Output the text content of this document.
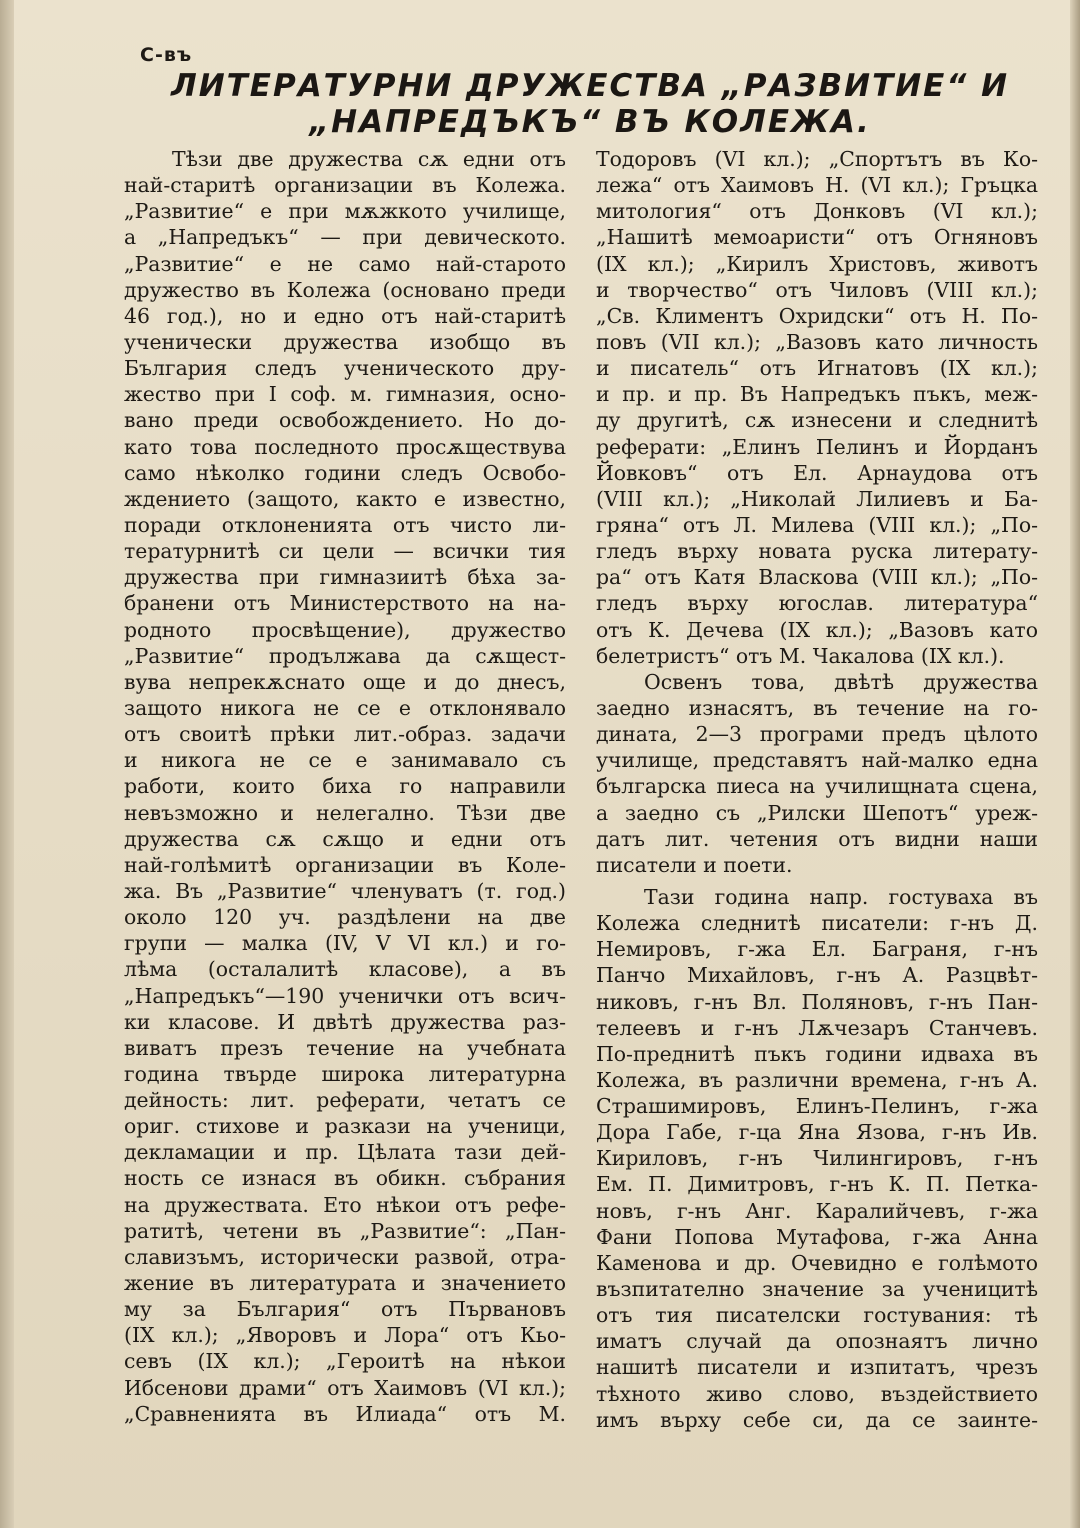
С-въ
ЛИТЕРАТУРНИ ДРУЖЕСТВА „РАЗВИТИЕ“ И
„НАПРЕДЪКЪ“ ВЪ КОЛЕЖА.
Тѣзи две дружества сѫ едни отъ
най-старитѣ организации въ Колежа.
„Развитие“ е при мѫжкото училище,
а „Напредъкъ“ — при девическото.
„Развитие“ е не само най-старото
дружество въ Колежа (основано преди
46 год.), но и едно отъ най-старитѣ
ученически дружества изобщо въ
България следъ ученическото дру-
жество при I соф. м. гимназия, осно-
вано преди освобождението. Но до-
като това последното просѫществува
само нѣколко години следъ Освобо-
ждението (защото, както е известно,
поради отклоненията отъ чисто ли-
тературнитѣ си цели — всички тия
дружества при гимназиитѣ бѣха за-
бранени отъ Министерството на на-
родното просвѣщение), дружество
„Развитие“ продължава да сѫщест-
вува непрекѫснато още и до днесъ,
защото никога не се е отклонявало
отъ своитѣ прѣки лит.-образ. задачи
и никога не се е занимавало съ
работи, които биха го направили
невъзможно и нелегално. Тѣзи две
дружества сѫ сѫщо и едни отъ
най-голѣмитѣ организации въ Коле-
жа. Въ „Развитие“ членуватъ (т. год.)
около 120 уч. раздѣлени на две
групи — малка (IV, V VI кл.) и го-
лѣма (осталалитѣ класове), а въ
„Напредъкъ“—190 ученички отъ всич-
ки класове. И двѣтѣ дружества раз-
виватъ презъ течение на учебната
година твърде широка литературна
дейность: лит. реферати, четатъ се
ориг. стихове и разкази на ученици,
декламации и пр. Цѣлата тази дей-
ность се изнася въ обикн. събрания
на дружествата. Ето нѣкои отъ рефе-
ратитѣ, четени въ „Развитие“: „Пан-
славизъмъ, исторически развой, отра-
жение въ литературата и значението
му за България“ отъ Първановъ
(IX кл.); „Яворовъ и Лора“ отъ Кьо-
севъ (IX кл.); „Героитѣ на нѣкои
Ибсенови драми“ отъ Хаимовъ (VI кл.);
„Сравненията въ Илиада“ отъ М.
Тодоровъ (VI кл.); „Спортътъ въ Ко-
лежа“ отъ Хаимовъ Н. (VI кл.); Гръцка
митология“ отъ Донковъ (VI кл.);
„Нашитѣ мемоаристи“ отъ Огняновъ
(IX кл.); „Кирилъ Христовъ, животъ
и творчество“ отъ Чиловъ (VIII кл.);
„Св. Климентъ Охридски“ отъ Н. По-
повъ (VII кл.); „Вазовъ като личность
и писатель“ отъ Игнатовъ (IX кл.);
и пр. и пр. Въ Напредъкъ пъкъ, меж-
ду другитѣ, сѫ изнесени и следнитѣ
реферати: „Елинъ Пелинъ и Йорданъ
Йовковъ“ отъ Ел. Арнаудова отъ
(VIII кл.); „Николай Лилиевъ и Ба-
гряна“ отъ Л. Милева (VIII кл.); „По-
гледъ върху новата руска литерату-
ра“ отъ Катя Власкова (VIII кл.); „По-
гледъ върху югослав. литература“
отъ К. Дечева (IX кл.); „Вазовъ като
белетристъ“ отъ М. Чакалова (IX кл.).
Освенъ това, двѣтѣ дружества
заедно изнасятъ, въ течение на го-
дината, 2—3 програми предъ цѣлото
училище, представятъ най-малко една
българска пиеса на училищната сцена,
а заедно съ „Рилски Шепотъ“ уреж-
датъ лит. четения отъ видни наши
писатели и поети.
Тази година напр. гостуваха въ
Колежа следнитѣ писатели: г-нъ Д.
Немировъ, г-жа Ел. Баграня, г-нъ
Панчо Михайловъ, г-нъ А. Разцвѣт-
никовъ, г-нъ Вл. Поляновъ, г-нъ Пан-
телеевъ и г-нъ Лѫчезаръ Станчевъ.
По-преднитѣ пъкъ години идваха въ
Колежа, въ различни времена, г-нъ А.
Страшимировъ, Елинъ-Пелинъ, г-жа
Дора Габе, г-ца Яна Язова, г-нъ Ив.
Кириловъ, г-нъ Чилингировъ, г-нъ
Ем. П. Димитровъ, г-нъ К. П. Петка-
новъ, г-нъ Анг. Каралийчевъ, г-жа
Фани Попова Мутафова, г-жа Анна
Каменова и др. Очевидно е голѣмото
възпитателно значение за ученицитѣ
отъ тия писателски гостувания: тѣ
иматъ случай да опознаятъ лично
нашитѣ писатели и изпитатъ, чрезъ
тѣхното живо слово, въздействието
имъ върху себе си, да се заинте-
